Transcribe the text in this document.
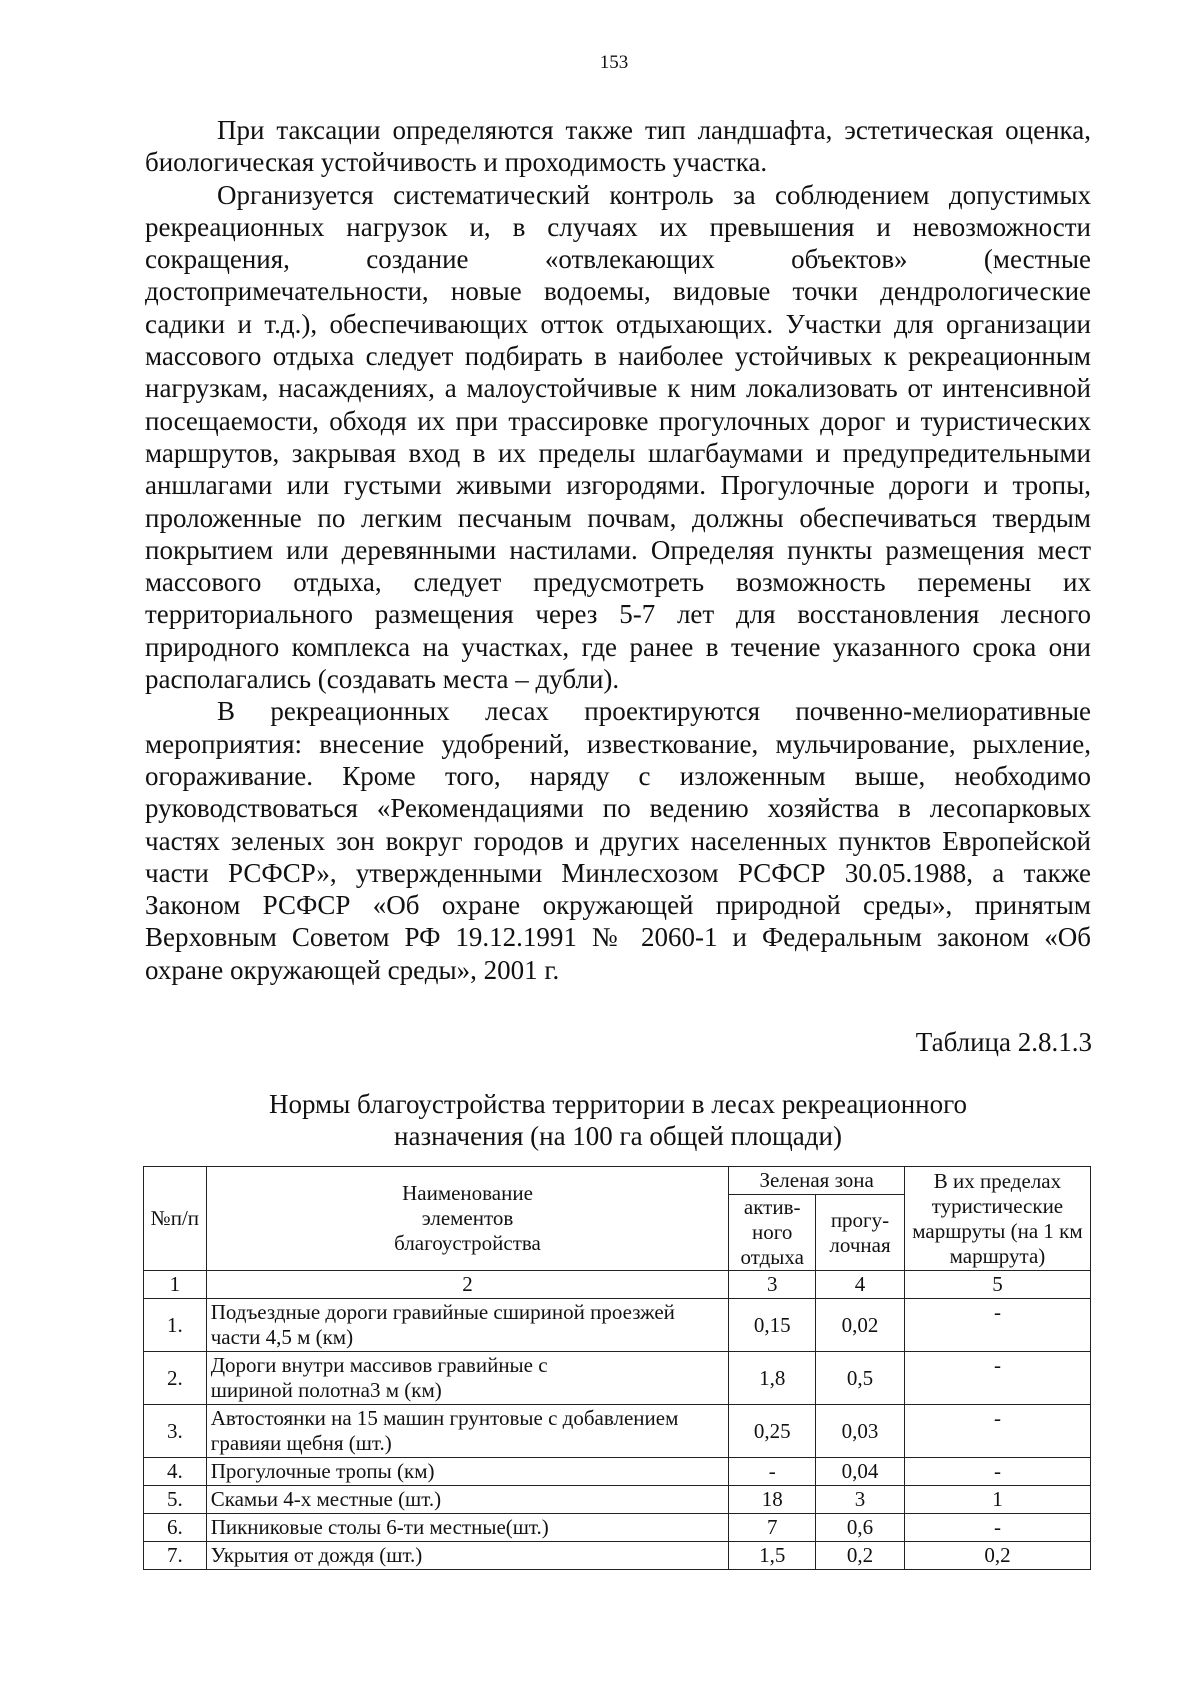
153

При таксации определяются также тип ландшафта, эстетическая оценка, биологическая устойчивость и проходимость участка.

Организуется систематический контроль за соблюдением допустимых рекреационных нагрузок и, в случаях их превышения и невозможности сокращения, создание «отвлекающих объектов» (местные достопримечательности, новые водоемы, видовые точки дендрологические садики и т.д.), обеспечивающих отток отдыхающих. Участки для организации массового отдыха следует подбирать в наиболее устойчивых к рекреационным нагрузкам, насаждениях, а малоустойчивые к ним локализовать от интенсивной посещаемости, обходя их при трассировке прогулочных дорог и туристических маршрутов, закрывая вход в их пределы шлагбаумами и предупредительными аншлагами или густыми живыми изгородями. Прогулочные дороги и тропы, проложенные по легким песчаным почвам, должны обеспечиваться твердым покрытием или деревянными настилами. Определяя пункты размещения мест массового отдыха, следует предусмотреть возможность перемены их территориального размещения через 5-7 лет для восстановления лесного природного комплекса на участках, где ранее в течение указанного срока они располагались (создавать места – дубли).

В рекреационных лесах проектируются почвенно-мелиоративные мероприятия: внесение удобрений, известкование, мульчирование, рыхление, огораживание. Кроме того, наряду с изложенным выше, необходимо руководствоваться «Рекомендациями по ведению хозяйства в лесопарковых частях зеленых зон вокруг городов и других населенных пунктов Европейской части РСФСР», утвержденными Минлесхозом РСФСР 30.05.1988, а также Законом РСФСР «Об охране окружающей природной среды», принятым Верховным Советом РФ 19.12.1991 № 2060-1 и Федеральным законом «Об охране окружающей среды», 2001 г.

Таблица 2.8.1.3
Нормы благоустройства территории в лесах рекреационного
назначения (на 100 га общей площади)
№п/п	Наименование элементов благоустройства	Зеленая зона		В их пределах туристические маршруты (на 1 км маршрута)
		актив-ного отдыха	прогу-лочная	
1	2	3	4	5
1.	Подъездные дороги гравийные сшириной проезжей части 4,5 м (км)	0,15	0,02	-
2.	Дороги внутри массивов гравийные с шириной полотна3 м (км)	1,8	0,5	-
3.	Автостоянки на 15 машин грунтовые с добавлением гравияи щебня (шт.)	0,25	0,03	-
4.	Прогулочные тропы (км)	-	0,04	-
5.	Скамьи 4-х местные (шт.)	18	3	1
6.	Пикниковые столы 6-ти местные(шт.)	7	0,6	-
7.	Укрытия от дождя (шт.)	1,5	0,2	0,2
